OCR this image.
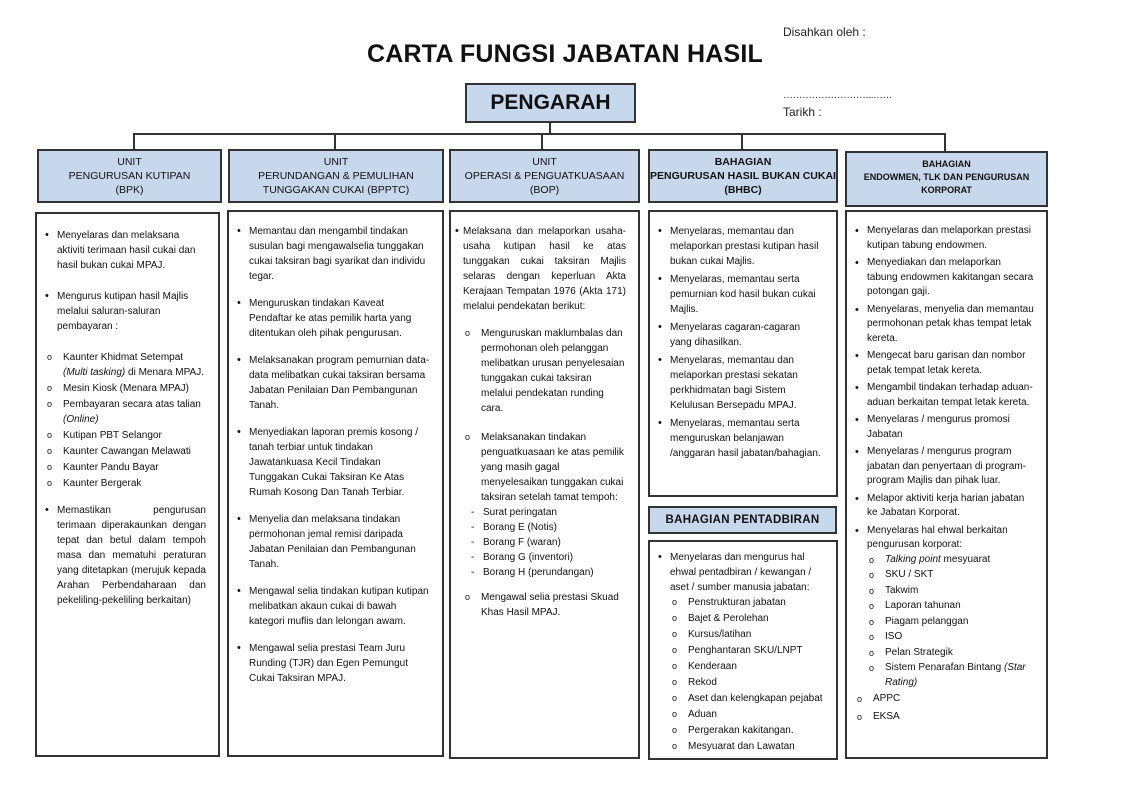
CARTA FUNGSI JABATAN HASIL
Disahkan oleh :
………………………..……
Tarikh :
PENGARAH
UNIT
PENGURUSAN KUTIPAN
(BPK)
UNIT
PERUNDANGAN & PEMULIHAN
TUNGGAKAN CUKAI (BPPTC)
UNIT
OPERASI & PENGUATKUASAAN
(BOP)
BAHAGIAN
PENGURUSAN HASIL BUKAN CUKAI
(BHBC)
BAHAGIAN
ENDOWMEN, TLK DAN PENGURUSAN
KORPORAT
• Menyelaras dan melaksana aktiviti terimaan hasil cukai dan hasil bukan cukai MPAJ.
• Mengurus kutipan hasil Majlis melalui saluran-saluran pembayaran :
o Kaunter Khidmat Setempat (Multi tasking) di Menara MPAJ.
o Mesin Kiosk (Menara MPAJ)
o Pembayaran secara atas talian (Online)
o Kutipan PBT Selangor
o Kaunter Cawangan Melawati
o Kaunter Pandu Bayar
o Kaunter Bergerak
• Memastikan pengurusan terimaan diperakaunkan dengan tepat dan betul dalam tempoh masa dan mematuhi peraturan yang ditetapkan (merujuk kepada Arahan Perbendaharaan dan pekeliling-pekeliling berkaitan)
• Memantau dan mengambil tindakan susulan bagi mengawalselia tunggakan cukai taksiran bagi syarikat dan individu tegar.
• Menguruskan tindakan Kaveat Pendaftar ke atas pemilik harta yang ditentukan oleh pihak pengurusan.
• Melaksanakan program pemurnian data-data melibatkan cukai taksiran bersama Jabatan Penilaian Dan Pembangunan Tanah.
• Menyediakan laporan premis kosong / tanah terbiar untuk tindakan Jawatankuasa Kecil Tindakan Tunggakan Cukai Taksiran Ke Atas Rumah Kosong Dan Tanah Terbiar.
• Menyelia dan melaksana tindakan permohonan jemal remisi daripada Jabatan Penilaian dan Pembangunan Tanah.
• Mengawal selia tindakan kutipan kutipan melibatkan akaun cukai di bawah kategori muflis dan lelongan awam.
• Mengawal selia prestasi Team Juru Runding (TJR) dan Egen Pemungut Cukai Taksiran MPAJ.
• Melaksana dan melaporkan usaha-usaha kutipan hasil ke atas tunggakan cukai taksiran Majlis selaras dengan keperluan Akta Kerajaan Tempatan 1976 (Akta 171) melalui pendekatan berikut:
o Menguruskan maklumbalas dan permohonan oleh pelanggan melibatkan urusan penyelesaian tunggakan cukai taksiran melalui pendekatan runding cara.
o Melaksanakan tindakan penguatkuasaan ke atas pemilik yang masih gagal menyelesaikan tunggakan cukai taksiran setelah tamat tempoh:
- Surat peringatan
- Borang E (Notis)
- Borang F (waran)
- Borang G (inventori)
- Borang H (perundangan)
o Mengawal selia prestasi Skuad Khas Hasil MPAJ.
• Menyelaras, memantau dan melaporkan prestasi kutipan hasil bukan cukai Majlis.
• Menyelaras, memantau serta pemurnian kod hasil bukan cukai Majlis.
• Menyelaras cagaran-cagaran yang dihasilkan.
• Menyelaras, memantau dan melaporkan prestasi sekatan perkhidmatan bagi Sistem Kelulusan Bersepadu MPAJ.
• Menyelaras, memantau serta menguruskan belanjawan /anggaran hasil jabatan/bahagian.
BAHAGIAN PENTADBIRAN
• Menyelaras dan mengurus hal ehwal pentadbiran / kewangan / aset / sumber manusia jabatan:
o Penstrukturan jabatan
o Bajet & Perolehan
o Kursus/latihan
o Penghantaran SKU/LNPT
o Kenderaan
o Rekod
o Aset dan kelengkapan pejabat
o Aduan
o Pergerakan kakitangan.
o Mesyuarat dan Lawatan
• Menyelaras dan melaporkan prestasi kutipan tabung endowmen.
• Menyediakan dan melaporkan tabung endowmen kakitangan secara potongan gaji.
• Menyelaras, menyelia dan memantau permohonan petak khas tempat letak kereta.
• Mengecat baru garisan dan nombor petak tempat letak kereta.
• Mengambil tindakan terhadap aduan-aduan berkaitan tempat letak kereta.
• Menyelaras / mengurus promosi Jabatan
• Menyelaras / mengurus program jabatan dan penyertaan di program-program Majlis dan pihak luar.
• Melapor aktiviti kerja harian jabatan ke Jabatan Korporat.
• Menyelaras hal ehwal berkaitan pengurusan korporat:
o Talking point mesyuarat
o SKU / SKT
o Takwim
o Laporan tahunan
o Piagam pelanggan
o ISO
o Pelan Strategik
o Sistem Penarafan Bintang (Star Rating)
o APPC
o EKSA
